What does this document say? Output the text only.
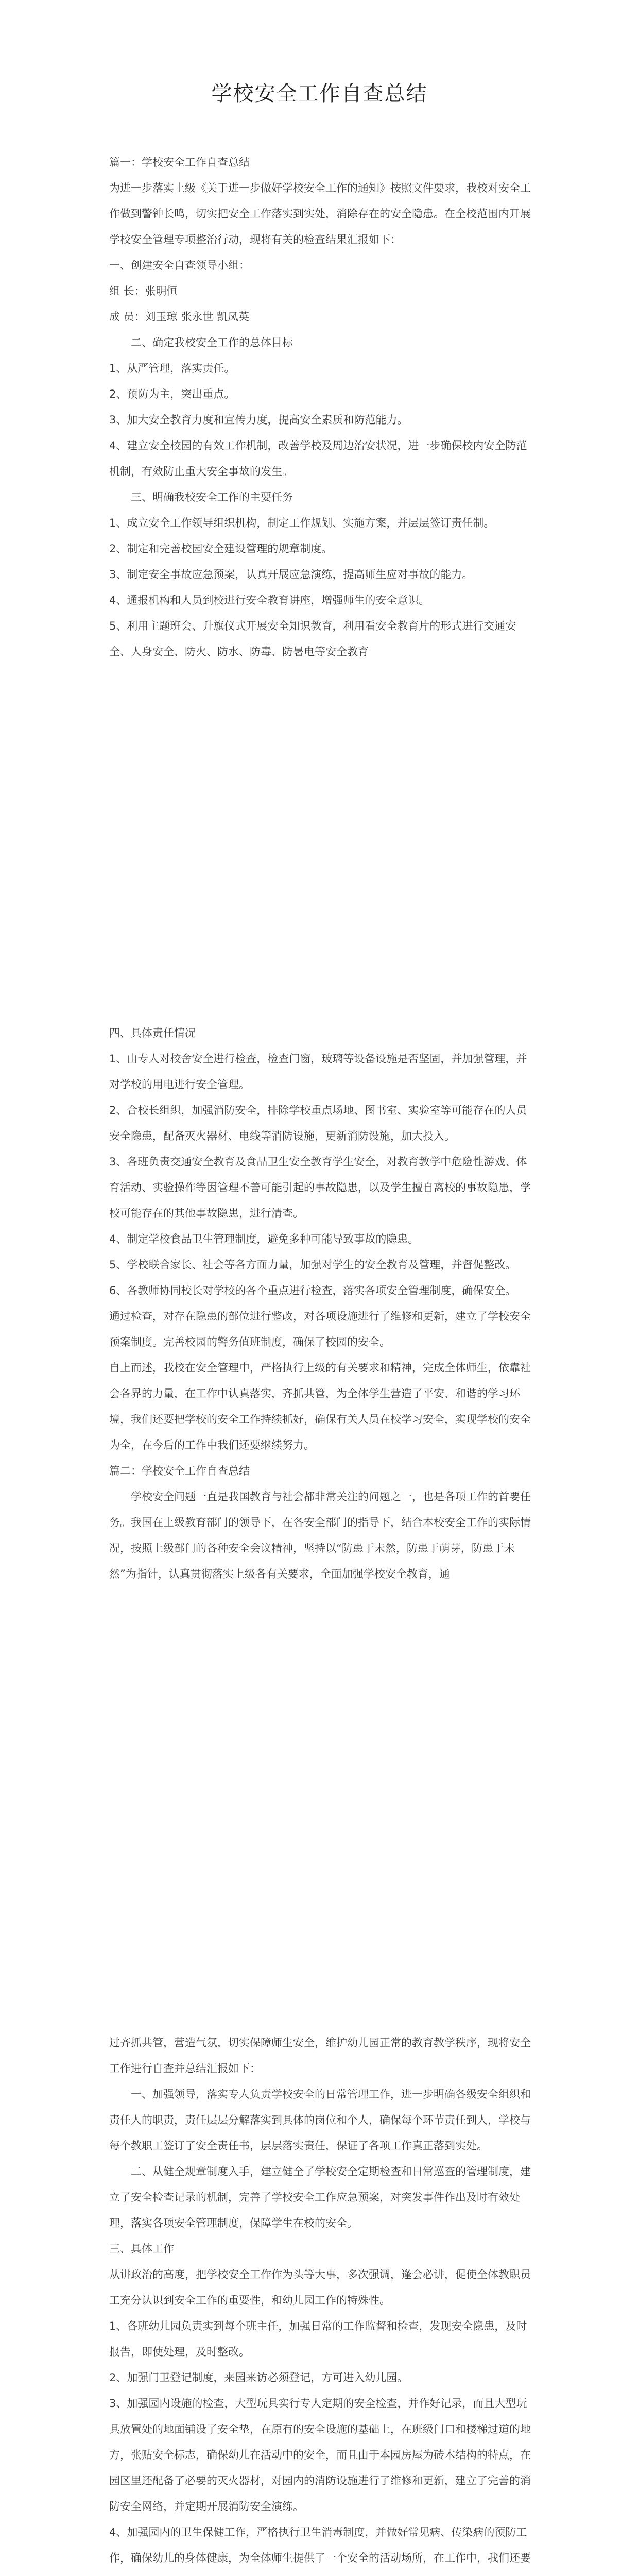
学校安全工作自查总结

篇一：学校安全工作自查总结

为进一步落实上级《关于进一步做好学校安全工作的通知》按照文件要求，我校对安全工作做到警钟长鸣，切实把安全工作落实到实处，消除存在的安全隐患。在全校范围内开展学校安全管理专项整治行动，现将有关的检查结果汇报如下：

一、创建安全自查领导小组：

组 长：张明恒

成 员：刘玉琼 张永世 凯凤英

二、确定我校安全工作的总体目标

1、从严管理，落实责任。

2、预防为主，突出重点。

3、加大安全教育力度和宣传力度，提高安全素质和防范能力。

4、建立安全校园的有效工作机制，改善学校及周边治安状况，进一步确保校内安全防范机制，有效防止重大安全事故的发生。

三、明确我校安全工作的主要任务

1、成立安全工作领导组织机构，制定工作规划、实施方案，并层层签订责任制。

2、制定和完善校园安全建设管理的规章制度。

3、制定安全事故应急预案，认真开展应急演练，提高师生应对事故的能力。

4、通报机构和人员到校进行安全教育讲座，增强师生的安全意识。

5、利用主题班会、升旗仪式开展安全知识教育，利用看安全教育片的形式进行交通安全、人身安全、防火、防水、防毒、防暑电等安全教育

四、具体责任情况

1、由专人对校舍安全进行检查，检查门窗，玻璃等设备设施是否坚固，并加强管理，并对学校的用电进行安全管理。

2、合校长组织，加强消防安全，排除学校重点场地、图书室、实验室等可能存在的人员安全隐患，配备灭火器材、电线等消防设施，更新消防设施，加大投入。

3、各班负责交通安全教育及食品卫生安全教育学生安全，对教育教学中危险性游戏、体育活动、实验操作等因管理不善可能引起的事故隐患，以及学生擅自离校的事故隐患，学校可能存在的其他事故隐患，进行清查。

4、制定学校食品卫生管理制度，避免多种可能导致事故的隐患。

5、学校联合家长、社会等各方面力量，加强对学生的安全教育及管理，并督促整改。

6、各教师协同校长对学校的各个重点进行检查，落实各项安全管理制度，确保安全。

通过检查，对存在隐患的部位进行整改，对各项设施进行了维修和更新，建立了学校安全预案制度。完善校园的警务值班制度，确保了校园的安全。

自上而述，我校在安全管理中，严格执行上级的有关要求和精神，完成全体师生，依靠社会各界的力量，在工作中认真落实，齐抓共管，为全体学生营造了平安、和谐的学习环境，我们还要把学校的安全工作持续抓好，确保有关人员在校学习安全，实现学校的安全为全，在今后的工作中我们还要继续努力。

篇二：学校安全工作自查总结

学校安全问题一直是我国教育与社会都非常关注的问题之一，也是各项工作的首要任务。我国在上级教育部门的领导下，在各安全部门的指导下，结合本校安全工作的实际情况，按照上级部门的各种安全会议精神，坚持以“防患于未然，防患于萌芽，防患于未然”为指针，认真贯彻落实上级各有关要求，全面加强学校安全教育，通

过齐抓共管，营造气氛，切实保障师生安全，维护幼儿园正常的教育教学秩序，现将安全工作进行自查并总结汇报如下：

一、加强领导，落实专人负责学校安全的日常管理工作，进一步明确各级安全组织和责任人的职责，责任层层分解落实到具体的岗位和个人，确保每个环节责任到人，学校与每个教职工签订了安全责任书，层层落实责任，保证了各项工作真正落到实处。

二、从健全规章制度入手，建立健全了学校安全定期检查和日常巡查的管理制度，建立了安全检查记录的机制，完善了学校安全工作应急预案，对突发事件作出及时有效处理，落实各项安全管理制度，保障学生在校的安全。

三、具体工作

从讲政治的高度，把学校安全工作作为头等大事，多次强调，逢会必讲，促使全体教职员工充分认识到安全工作的重要性，和幼儿园工作的特殊性。

1、各班幼儿园负责实到每个班主任，加强日常的工作监督和检查，发现安全隐患，及时报告，即使处理，及时整改。

2、加强门卫登记制度，来园来访必须登记，方可进入幼儿园。

3、加强园内设施的检查，大型玩具实行专人定期的安全检查，并作好记录，而且大型玩具放置处的地面铺设了安全垫，在原有的安全设施的基础上，在班级门口和楼梯过道的地方，张贴安全标志，确保幼儿在活动中的安全，而且由于本园房屋为砖木结构的特点，在园区里还配备了必要的灭火器材，对园内的消防设施进行了维修和更新，建立了完善的消防安全网络，并定期开展消防安全演练。

4、加强园内的卫生保健工作，严格执行卫生消毒制度，并做好常见病、传染病的预防工作，确保幼儿的身体健康，为全体师生提供了一个安全的活动场所，在工作中，我们还要
